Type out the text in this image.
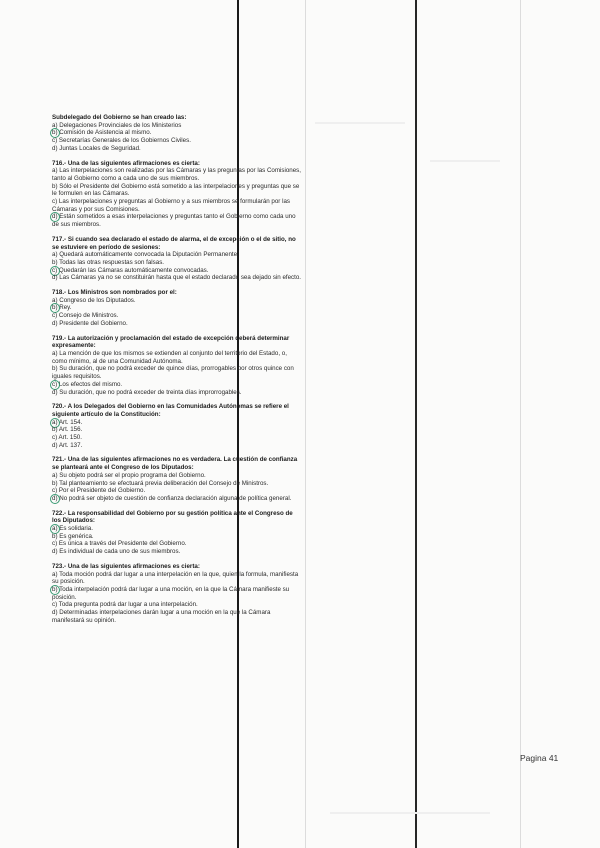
Subdelegado del Gobierno se han creado las:
a) Delegaciones Provinciales de los Ministerios
b) Comisión de Asistencia al mismo.
c) Secretarías Generales de los Gobiernos Civiles.
d) Juntas Locales de Seguridad.
716.- Una de las siguientes afirmaciones es cierta:
a) Las interpelaciones son realizadas por las Cámaras y las preguntas por las Comisiones, tanto al Gobierno como a cada uno de sus miembros.
b) Sólo el Presidente del Gobierno está sometido a las interpelaciones y preguntas que se le formulen en las Cámaras.
c) Las interpelaciones y preguntas al Gobierno y a sus miembros se formularán por las Cámaras y por sus Comisiones.
d) Están sometidos a esas interpelaciones y preguntas tanto el Gobierno como cada uno de sus miembros.
717.- Si cuando sea declarado el estado de alarma, el de excepción o el de sitio, no se estuviere en período de sesiones:
a) Quedará automáticamente convocada la Diputación Permanente.
b) Todas las otras respuestas son falsas.
c) Quedarán las Cámaras automáticamente convocadas.
d) Las Cámaras ya no se constituirán hasta que el estado declarado sea dejado sin efecto.
718.- Los Ministros son nombrados por el:
a) Congreso de los Diputados.
b) Rey.
c) Consejo de Ministros.
d) Presidente del Gobierno.
719.- La autorización y proclamación del estado de excepción deberá determinar expresamente:
a) La mención de que los mismos se extienden al conjunto del territorio del Estado, o, como mínimo, al de una Comunidad Autónoma.
b) Su duración, que no podrá exceder de quince días, prorrogables por otros quince con iguales requisitos.
c) Los efectos del mismo.
d) Su duración, que no podrá exceder de treinta días improrrogables.
720.- A los Delegados del Gobierno en las Comunidades Autónomas se refiere el siguiente artículo de la Constitución:
a) Art. 154.
b) Art. 156.
c) Art. 150.
d) Art. 137.
721.- Una de las siguientes afirmaciones no es verdadera. La cuestión de confianza se planteará ante el Congreso de los Diputados:
a) Su objeto podrá ser el propio programa del Gobierno.
b) Tal planteamiento se efectuará previa deliberación del Consejo de Ministros.
c) Por el Presidente del Gobierno.
d) No podrá ser objeto de cuestión de confianza declaración alguna de política general.
722.- La responsabilidad del Gobierno por su gestión política ante el Congreso de los Diputados:
a) Es solidaria.
b) Es genérica.
c) Es única a través del Presidente del Gobierno.
d) Es individual de cada uno de sus miembros.
723.- Una de las siguientes afirmaciones es cierta:
a) Toda moción podrá dar lugar a una interpelación en la que, quien la formula, manifiesta su posición.
b) Toda interpelación podrá dar lugar a una moción, en la que la Cámara manifieste su posición.
c) Toda pregunta podrá dar lugar a una interpelación.
d) Determinadas interpelaciones darán lugar a una moción en la que la Cámara manifestará su opinión.
Pagina 41
